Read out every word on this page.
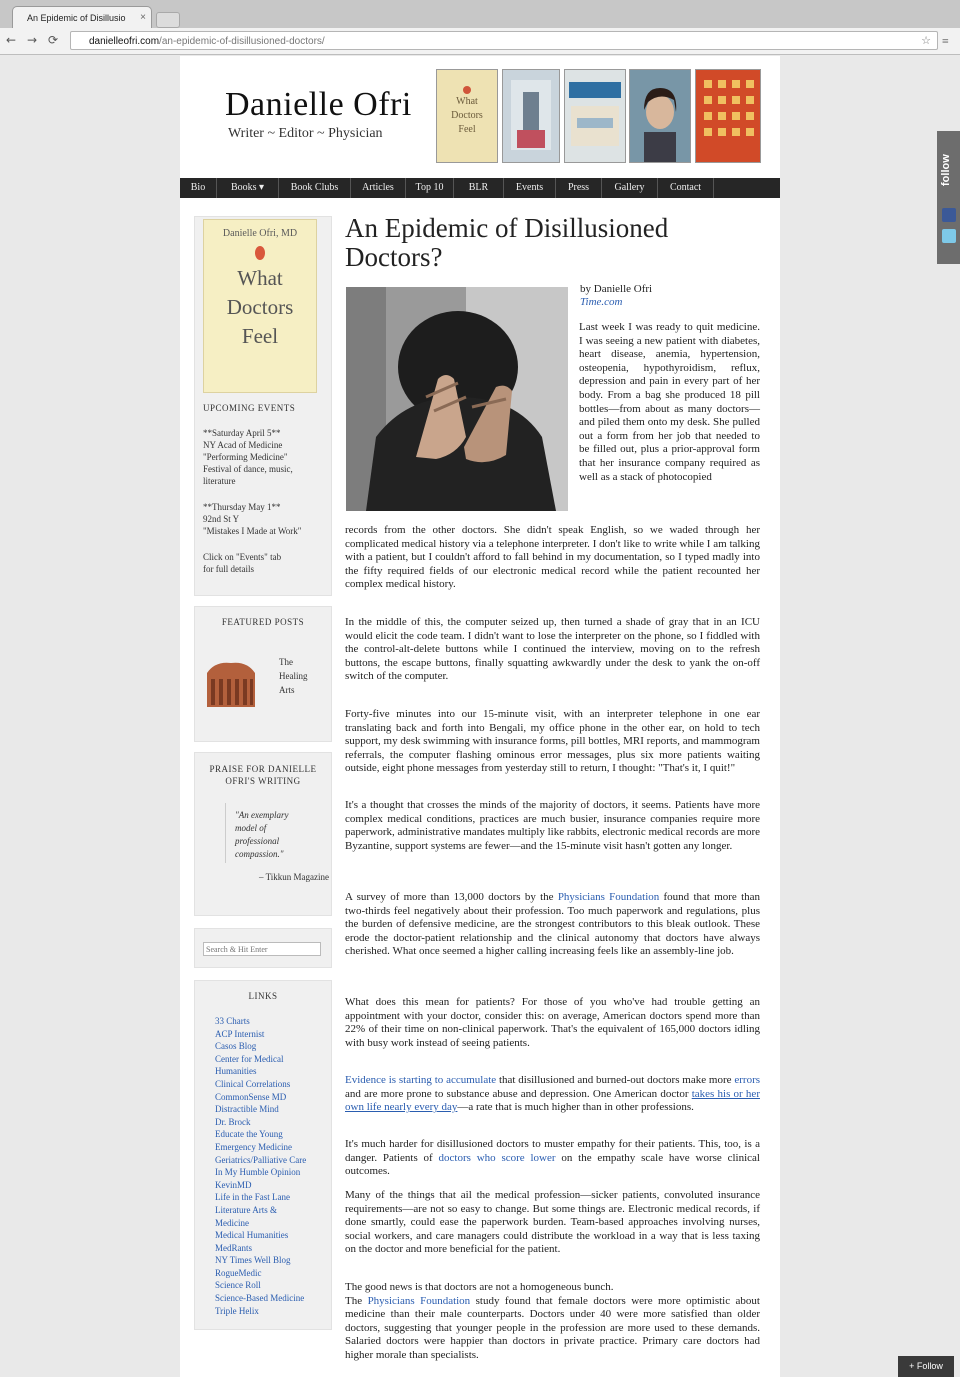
An Epidemic of Disillusio ×
← → ⟳	danielleofri.com/an-epidemic-of-disillusioned-doctors/	☆ ≡
Danielle Ofri
Writer ~ Editor ~ Physician
What
Doctors
Feel
Bio	Books ▾	Book Clubs	Articles	Top 10	BLR	Events	Press	Gallery	Contact
Danielle Ofri, MD
What
Doctors
Feel
UPCOMING EVENTS
**Saturday April 5**
NY Acad of Medicine
"Performing Medicine"
Festival of dance, music,
literature
**Thursday May 1**
92nd St Y
"Mistakes I Made at Work"
Click on "Events" tab
for full details
FEATURED POSTS
The
Healing
Arts
PRAISE FOR DANIELLE OFRI'S WRITING
"An exemplary model of professional compassion."
– Tikkun Magazine
Search & Hit Enter
LINKS
33 Charts
ACP Internist
Casos Blog
Center for Medical
Humanities
Clinical Correlations
CommonSense MD
Distractible Mind
Dr. Brock
Educate the Young
Emergency Medicine
Geriatrics/Palliative Care
In My Humble Opinion
KevinMD
Life in the Fast Lane
Literature Arts &
Medicine
Medical Humanities
MedRants
NY Times Well Blog
RogueMedic
Science Roll
Science-Based Medicine
Triple Helix
An Epidemic of Disillusioned Doctors?
by Danielle Ofri
Time.com

Last week I was ready to quit medicine. I was seeing a new patient with diabetes, heart disease, anemia, hypertension, osteopenia, hypothyroidism, reflux, depression and pain in every part of her body. From a bag she produced 18 pill bottles—from about as many doctors—and piled them onto my desk. She pulled out a form from her job that needed to be filled out, plus a prior-approval form that her insurance company required as well as a stack of photocopied

records from the other doctors. She didn't speak English, so we waded through her complicated medical history via a telephone interpreter. I don't like to write while I am talking with a patient, but I couldn't afford to fall behind in my documentation, so I typed madly into the fifty required fields of our electronic medical record while the patient recounted her complex medical history.

In the middle of this, the computer seized up, then turned a shade of gray that in an ICU would elicit the code team. I didn't want to lose the interpreter on the phone, so I fiddled with the control-alt-delete buttons while I continued the interview, moving on to the refresh buttons, the escape buttons, finally squatting awkwardly under the desk to yank the on-off switch of the computer.

Forty-five minutes into our 15-minute visit, with an interpreter telephone in one ear translating back and forth into Bengali, my office phone in the other ear, on hold to tech support, my desk swimming with insurance forms, pill bottles, MRI reports, and mammogram referrals, the computer flashing ominous error messages, plus six more patients waiting outside, eight phone messages from yesterday still to return, I thought: "That's it, I quit!"

It's a thought that crosses the minds of the majority of doctors, it seems. Patients have more complex medical conditions, practices are much busier, insurance companies require more paperwork, administrative mandates multiply like rabbits, electronic medical records are more Byzantine, support systems are fewer—and the 15-minute visit hasn't gotten any longer.

A survey of more than 13,000 doctors by the Physicians Foundation found that more than two-thirds feel negatively about their profession. Too much paperwork and regulations, plus the burden of defensive medicine, are the strongest contributors to this bleak outlook. These erode the doctor-patient relationship and the clinical autonomy that doctors have always cherished. What once seemed a higher calling increasing feels like an assembly-line job.

What does this mean for patients? For those of you who've had trouble getting an appointment with your doctor, consider this: on average, American doctors spend more than 22% of their time on non-clinical paperwork. That's the equivalent of 165,000 doctors idling with busy work instead of seeing patients.

Evidence is starting to accumulate that disillusioned and burned-out doctors make more errors and are more prone to substance abuse and depression. One American doctor takes his or her own life nearly every day—a rate that is much higher than in other professions.

It's much harder for disillusioned doctors to muster empathy for their patients. This, too, is a danger. Patients of doctors who score lower on the empathy scale have worse clinical outcomes.

Many of the things that ail the medical profession—sicker patients, convoluted insurance requirements—are not so easy to change. But some things are. Electronic medical records, if done smartly, could ease the paperwork burden. Team-based approaches involving nurses, social workers, and care managers could distribute the workload in a way that is less taxing on the doctor and more beneficial for the patient.

The good news is that doctors are not a homogeneous bunch.
The Physicians Foundation study found that female doctors were more optimistic about medicine than their male counterparts. Doctors under 40 were more satisfied than older doctors, suggesting that younger people in the profession are more used to these demands. Salaried doctors were happier than doctors in private practice. Primary care doctors had higher morale than specialists.
follow
+ Follow
